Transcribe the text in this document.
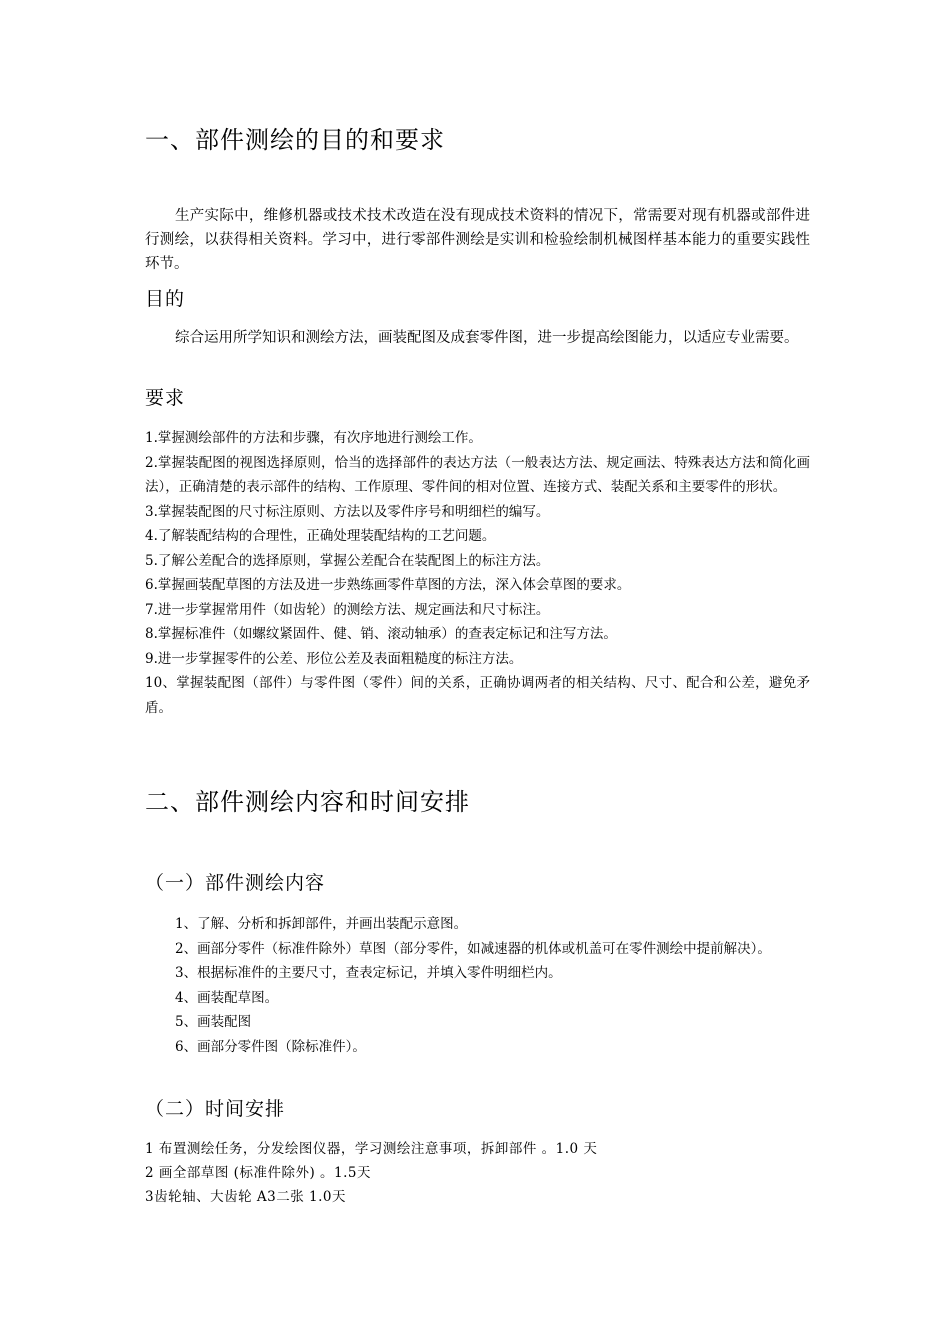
一、部件测绘的目的和要求

生产实际中，维修机器或技术技术改造在没有现成技术资料的情况下，常需要对现有机器或部件进行测绘，以获得相关资料。学习中，进行零部件测绘是实训和检验绘制机械图样基本能力的重要实践性环节。

目的

综合运用所学知识和测绘方法，画装配图及成套零件图，进一步提高绘图能力，以适应专业需要。

要求

1.掌握测绘部件的方法和步骤，有次序地进行测绘工作。

2.掌握装配图的视图选择原则，恰当的选择部件的表达方法（一般表达方法、规定画法、特殊表达方法和简化画法），正确清楚的表示部件的结构、工作原理、零件间的相对位置、连接方式、装配关系和主要零件的形状。

3.掌握装配图的尺寸标注原则、方法以及零件序号和明细栏的编写。

4.了解装配结构的合理性，正确处理装配结构的工艺问题。

5.了解公差配合的选择原则，掌握公差配合在装配图上的标注方法。

6.掌握画装配草图的方法及进一步熟练画零件草图的方法，深入体会草图的要求。

7.进一步掌握常用件（如齿轮）的测绘方法、规定画法和尺寸标注。

8.掌握标准件（如螺纹紧固件、健、销、滚动轴承）的查表定标记和注写方法。

9.进一步掌握零件的公差、形位公差及表面粗糙度的标注方法。

10、掌握装配图（部件）与零件图（零件）间的关系，正确协调两者的相关结构、尺寸、配合和公差，避免矛盾。

二、部件测绘内容和时间安排
（一）部件测绘内容

1、了解、分析和拆卸部件，并画出装配示意图。

2、画部分零件（标准件除外）草图（部分零件，如减速器的机体或机盖可在零件测绘中提前解决）。

3、根据标准件的主要尺寸，查表定标记，并填入零件明细栏内。

4、画装配草图。

5、画装配图

6、画部分零件图（除标准件）。

（二）时间安排

1 布置测绘任务，分发绘图仪器，学习测绘注意事项，拆卸部件 。1.0 天

2 画全部草图 (标准件除外) 。1.5天

3齿轮轴、大齿轮 A3二张 1.0天
